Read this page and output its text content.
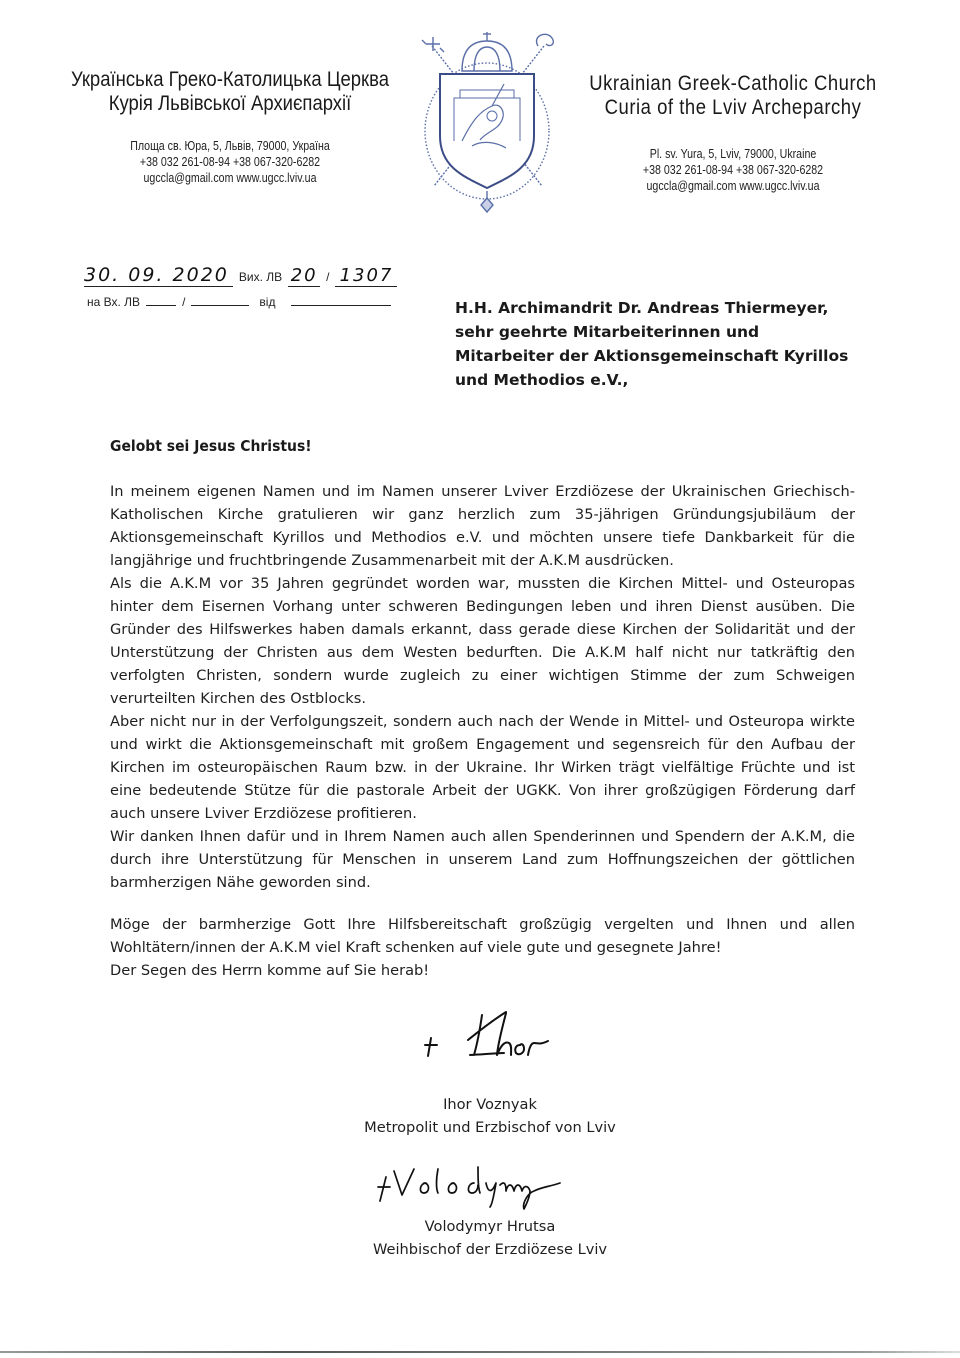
Українська Греко-Католицька Церква
Курія Львівської Архиєпархії
Площа св. Юра, 5, Львів, 79000, Україна
+38 032 261-08-94 +38 067-320-6282
ugccla@gmail.com www.ugcc.lviv.ua
Ukrainian Greek-Catholic Church
Curia of the Lviv Archeparchy
Pl. sv. Yura, 5, Lviv, 79000, Ukraine
+38 032 261-08-94 +38 067-320-6282
ugccla@gmail.com www.ugcc.lviv.ua
30. 09. 2020 Вих. ЛВ 20 / 1307
на Вх. ЛВ	/	від	H.H. Archimandrit Dr. Andreas Thiermeyer,
sehr geehrte Mitarbeiterinnen und
Mitarbeiter der Aktionsgemeinschaft Kyrillos
und Methodios e.V.,
Gelobt sei Jesus Christus!
In meinem eigenen Namen und im Namen unserer Lviver Erzdiözese der Ukrainischen Griechisch-
Katholischen Kirche gratulieren wir ganz herzlich zum 35-jährigen Gründungsjubiläum der
Aktionsgemeinschaft Kyrillos und Methodios e.V. und möchten unsere tiefe Dankbarkeit für die
langjährige und fruchtbringende Zusammenarbeit mit der A.K.M ausdrücken.
Als die A.K.M vor 35 Jahren gegründet worden war, mussten die Kirchen Mittel- und Osteuropas
hinter dem Eisernen Vorhang unter schweren Bedingungen leben und ihren Dienst ausüben. Die
Gründer des Hilfswerkes haben damals erkannt, dass gerade diese Kirchen der Solidarität und der
Unterstützung der Christen aus dem Westen bedurften. Die A.K.M half nicht nur tatkräftig den
verfolgten Christen, sondern wurde zugleich zu einer wichtigen Stimme der zum Schweigen
verurteilten Kirchen des Ostblocks.
Aber nicht nur in der Verfolgungszeit, sondern auch nach der Wende in Mittel- und Osteuropa wirkte
und wirkt die Aktionsgemeinschaft mit großem Engagement und segensreich für den Aufbau der
Kirchen im osteuropäischen Raum bzw. in der Ukraine. Ihr Wirken trägt vielfältige Früchte und ist
eine bedeutende Stütze für die pastorale Arbeit der UGKK. Von ihrer großzügigen Förderung darf
auch unsere Lviver Erzdiözese profitieren.
Wir danken Ihnen dafür und in Ihrem Namen auch allen Spenderinnen und Spendern der A.K.M, die
durch ihre Unterstützung für Menschen in unserem Land zum Hoffnungszeichen der göttlichen
barmherzigen Nähe geworden sind.
Möge der barmherzige Gott Ihre Hilfsbereitschaft großzügig vergelten und Ihnen und allen
Wohltätern/innen der A.K.M viel Kraft schenken auf viele gute und gesegnete Jahre!
Der Segen des Herrn komme auf Sie herab!
Ihor Voznyak
Metropolit und Erzbischof von Lviv
Volodymyr Hrutsa
Weihbischof der Erzdiözese Lviv
